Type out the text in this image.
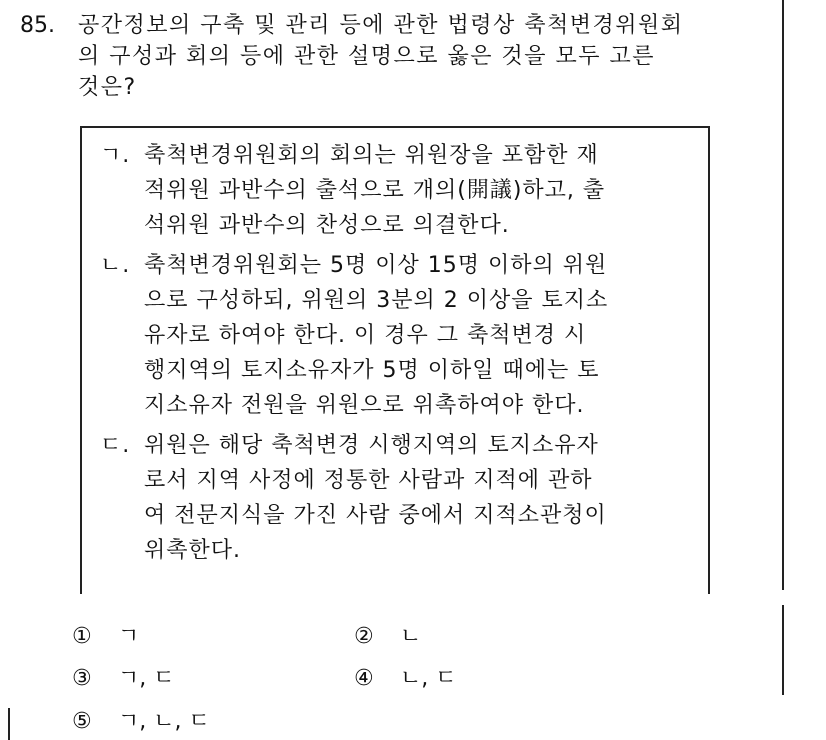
85. 공간정보의 구축 및 관리 등에 관한 법령상 축척변경위원회
의 구성과 회의 등에 관한 설명으로 옳은 것을 모두 고른
것은?
ㄱ. 축척변경위원회의 회의는 위원장을 포함한 재
적위원 과반수의 출석으로 개의(開議)하고, 출
석위원 과반수의 찬성으로 의결한다.
ㄴ. 축척변경위원회는 5명 이상 15명 이하의 위원
으로 구성하되, 위원의 3분의 2 이상을 토지소
유자로 하여야 한다. 이 경우 그 축척변경 시
행지역의 토지소유자가 5명 이하일 때에는 토
지소유자 전원을 위원으로 위촉하여야 한다.
ㄷ. 위원은 해당 축척변경 시행지역의 토지소유자
로서 지역 사정에 정통한 사람과 지적에 관하
여 전문지식을 가진 사람 중에서 지적소관청이
위촉한다.
① ㄱ	② ㄴ
③ ㄱ, ㄷ	④ ㄴ, ㄷ
⑤ ㄱ, ㄴ, ㄷ
